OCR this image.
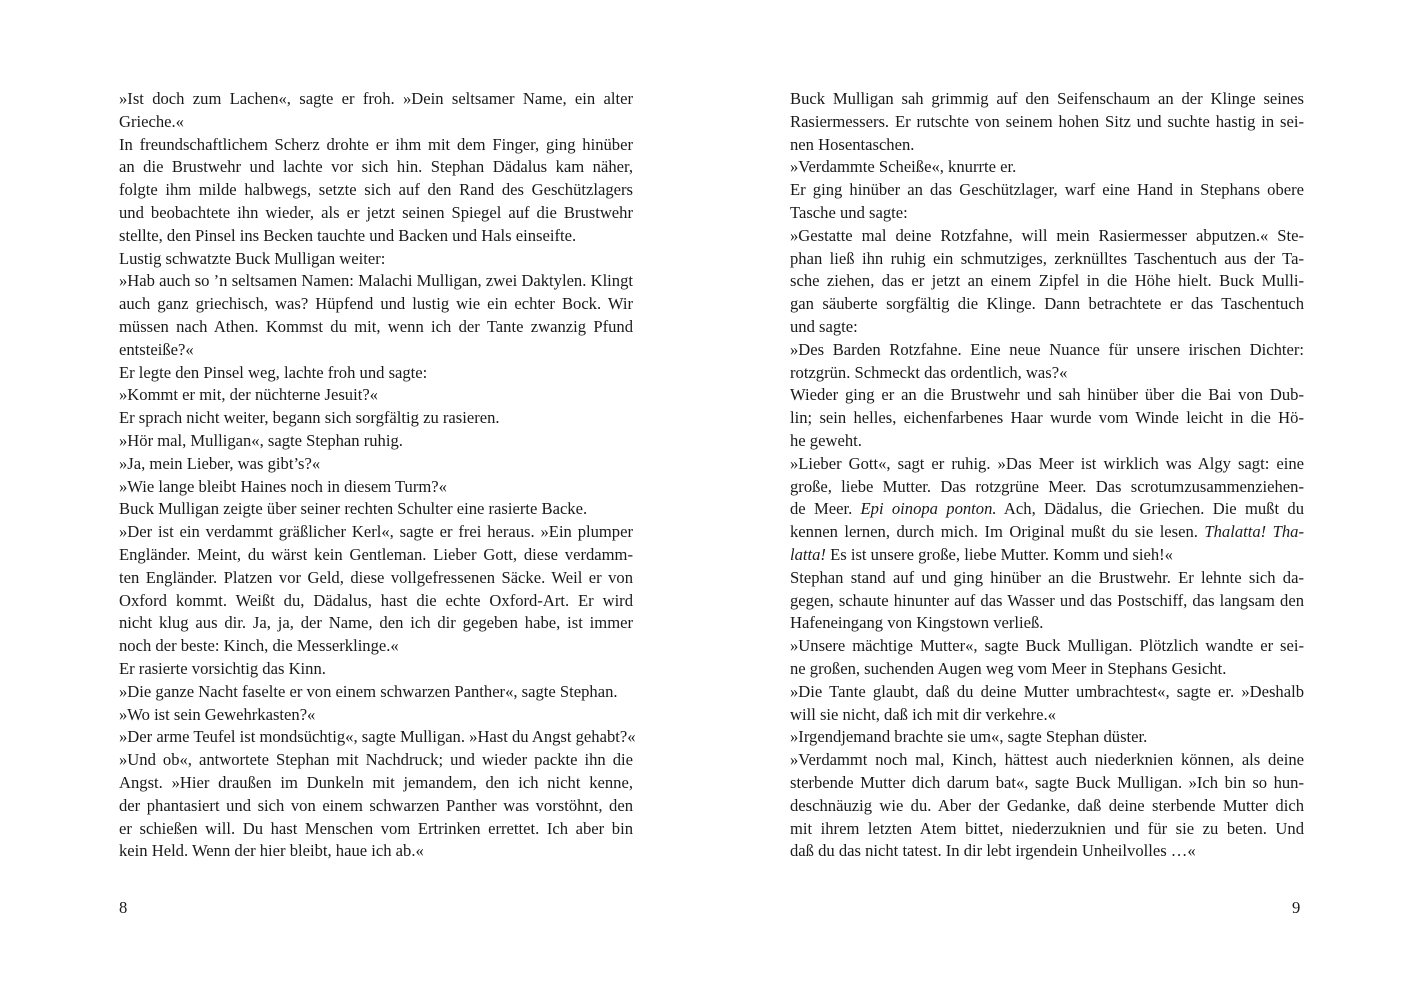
»Ist doch zum Lachen«, sagte er froh. »Dein seltsamer Name, ein alter
Grieche.«
In freundschaftlichem Scherz drohte er ihm mit dem Finger, ging hinüber
an die Brustwehr und lachte vor sich hin. Stephan Dädalus kam näher,
folgte ihm milde halbwegs, setzte sich auf den Rand des Geschützlagers
und beobachtete ihn wieder, als er jetzt seinen Spiegel auf die Brustwehr
stellte, den Pinsel ins Becken tauchte und Backen und Hals einseifte.
Lustig schwatzte Buck Mulligan weiter:
»Hab auch so ’n seltsamen Namen: Malachi Mulligan, zwei Daktylen. Klingt
auch ganz griechisch, was? Hüpfend und lustig wie ein echter Bock. Wir
müssen nach Athen. Kommst du mit, wenn ich der Tante zwanzig Pfund
entsteiße?«
Er legte den Pinsel weg, lachte froh und sagte:
»Kommt er mit, der nüchterne Jesuit?«
Er sprach nicht weiter, begann sich sorgfältig zu rasieren.
»Hör mal, Mulligan«, sagte Stephan ruhig.
»Ja, mein Lieber, was gibt’s?«
»Wie lange bleibt Haines noch in diesem Turm?«
Buck Mulligan zeigte über seiner rechten Schulter eine rasierte Backe.
»Der ist ein verdammt gräßlicher Kerl«, sagte er frei heraus. »Ein plumper
Engländer. Meint, du wärst kein Gentleman. Lieber Gott, diese verdamm-
ten Engländer. Platzen vor Geld, diese vollgefressenen Säcke. Weil er von
Oxford kommt. Weißt du, Dädalus, hast die echte Oxford-Art. Er wird
nicht klug aus dir. Ja, ja, der Name, den ich dir gegeben habe, ist immer
noch der beste: Kinch, die Messerklinge.«
Er rasierte vorsichtig das Kinn.
»Die ganze Nacht faselte er von einem schwarzen Panther«, sagte Stephan.
»Wo ist sein Gewehrkasten?«
»Der arme Teufel ist mondsüchtig«, sagte Mulligan. »Hast du Angst gehabt?«
»Und ob«, antwortete Stephan mit Nachdruck; und wieder packte ihn die
Angst. »Hier draußen im Dunkeln mit jemandem, den ich nicht kenne,
der phantasiert und sich von einem schwarzen Panther was vorstöhnt, den
er schießen will. Du hast Menschen vom Ertrinken errettet. Ich aber bin
kein Held. Wenn der hier bleibt, haue ich ab.«
8
Buck Mulligan sah grimmig auf den Seifenschaum an der Klinge seines
Rasiermessers. Er rutschte von seinem hohen Sitz und suchte hastig in sei-
nen Hosentaschen.
»Verdammte Scheiße«, knurrte er.
Er ging hinüber an das Geschützlager, warf eine Hand in Stephans obere
Tasche und sagte:
»Gestatte mal deine Rotzfahne, will mein Rasiermesser abputzen.« Ste-
phan ließ ihn ruhig ein schmutziges, zerknülltes Taschentuch aus der Ta-
sche ziehen, das er jetzt an einem Zipfel in die Höhe hielt. Buck Mulli-
gan säuberte sorgfältig die Klinge. Dann betrachtete er das Taschentuch
und sagte:
»Des Barden Rotzfahne. Eine neue Nuance für unsere irischen Dichter:
rotzgrün. Schmeckt das ordentlich, was?«
Wieder ging er an die Brustwehr und sah hinüber über die Bai von Dub-
lin; sein helles, eichenfarbenes Haar wurde vom Winde leicht in die Hö-
he geweht.
»Lieber Gott«, sagt er ruhig. »Das Meer ist wirklich was Algy sagt: eine
große, liebe Mutter. Das rotzgrüne Meer. Das scrotumzusammenziehen-
de Meer. Epi oinopa ponton. Ach, Dädalus, die Griechen. Die mußt du
kennen lernen, durch mich. Im Original mußt du sie lesen. Thalatta! Tha-
latta! Es ist unsere große, liebe Mutter. Komm und sieh!«
Stephan stand auf und ging hinüber an die Brustwehr. Er lehnte sich da-
gegen, schaute hinunter auf das Wasser und das Postschiff, das langsam den
Hafeneingang von Kingstown verließ.
»Unsere mächtige Mutter«, sagte Buck Mulligan. Plötzlich wandte er sei-
ne großen, suchenden Augen weg vom Meer in Stephans Gesicht.
»Die Tante glaubt, daß du deine Mutter umbrachtest«, sagte er. »Deshalb
will sie nicht, daß ich mit dir verkehre.«
»Irgendjemand brachte sie um«, sagte Stephan düster.
»Verdammt noch mal, Kinch, hättest auch niederknien können, als deine
sterbende Mutter dich darum bat«, sagte Buck Mulligan. »Ich bin so hun-
deschnäuzig wie du. Aber der Gedanke, daß deine sterbende Mutter dich
mit ihrem letzten Atem bittet, niederzuknien und für sie zu beten. Und
daß du das nicht tatest. In dir lebt irgendein Unheilvolles …«
9
